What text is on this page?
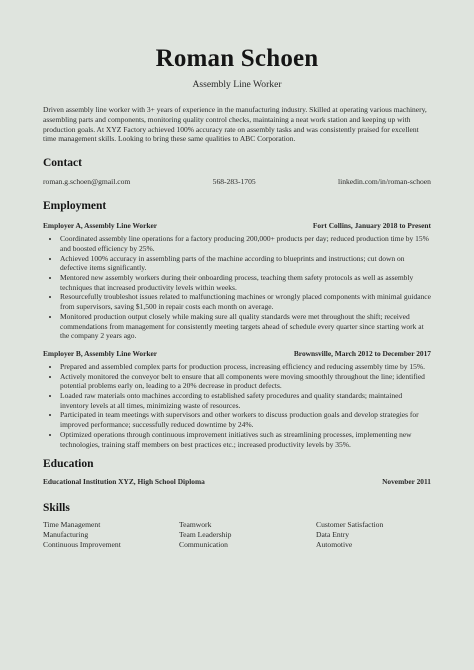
Roman Schoen
Assembly Line Worker
Driven assembly line worker with 3+ years of experience in the manufacturing industry. Skilled at operating various machinery, assembling parts and components, monitoring quality control checks, maintaining a neat work station and keeping up with production goals. At XYZ Factory achieved 100% accuracy rate on assembly tasks and was consistently praised for excellent time management skills. Looking to bring these same qualities to ABC Corporation.
Contact
roman.g.schoen@gmail.com	568-283-1705	linkedin.com/in/roman-schoen
Employment
Employer A, Assembly Line Worker	Fort Collins, January 2018 to Present
• Coordinated assembly line operations for a factory producing 200,000+ products per day; reduced production time by 15% and boosted efficiency by 25%.
• Achieved 100% accuracy in assembling parts of the machine according to blueprints and instructions; cut down on defective items significantly.
• Mentored new assembly workers during their onboarding process, teaching them safety protocols as well as assembly techniques that increased productivity levels within weeks.
• Resourcefully troubleshot issues related to malfunctioning machines or wrongly placed components with minimal guidance from supervisors, saving $1,500 in repair costs each month on average.
• Monitored production output closely while making sure all quality standards were met throughout the shift; received commendations from management for consistently meeting targets ahead of schedule every quarter since starting work at the company 2 years ago.
Employer B, Assembly Line Worker	Brownsville, March 2012 to December 2017
• Prepared and assembled complex parts for production process, increasing efficiency and reducing assembly time by 15%.
• Actively monitored the conveyor belt to ensure that all components were moving smoothly throughout the line; identified potential problems early on, leading to a 20% decrease in product defects.
• Loaded raw materials onto machines according to established safety procedures and quality standards; maintained inventory levels at all times, minimizing waste of resources.
• Participated in team meetings with supervisors and other workers to discuss production goals and develop strategies for improved performance; successfully reduced downtime by 24%.
• Optimized operations through continuous improvement initiatives such as streamlining processes, implementing new technologies, training staff members on best practices etc.; increased productivity levels by 35%.
Education
Educational Institution XYZ, High School Diploma	November 2011
Skills
Time Management	Teamwork	Customer Satisfaction
Manufacturing	Team Leadership	Data Entry
Continuous Improvement	Communication	Automotive
